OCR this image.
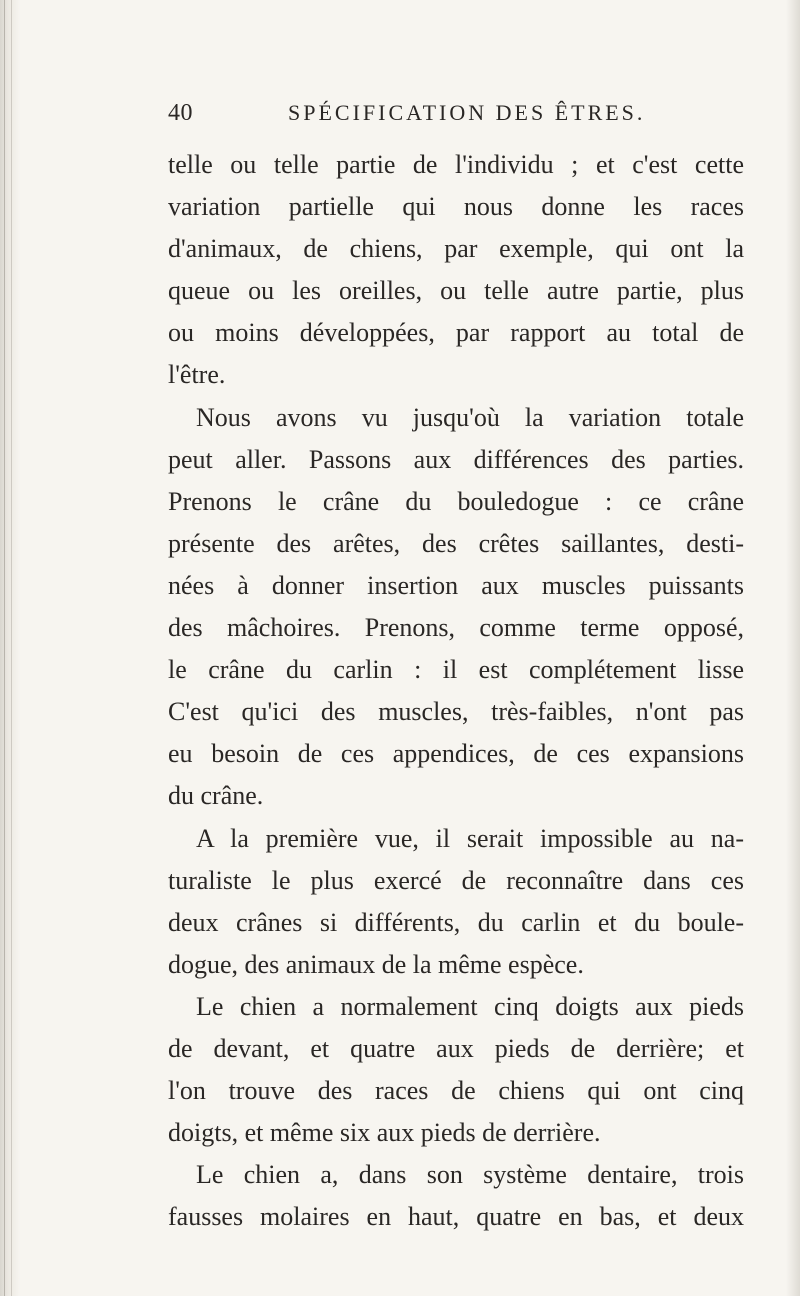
40	SPÉCIFICATION DES ÊTRES.
telle ou telle partie de l'individu ; et c'est cette
variation partielle qui nous donne les races
d'animaux, de chiens, par exemple, qui ont la
queue ou les oreilles, ou telle autre partie, plus
ou moins développées, par rapport au total de
l'être.
Nous avons vu jusqu'où la variation totale
peut aller. Passons aux différences des parties.
Prenons le crâne du bouledogue : ce crâne
présente des arêtes, des crêtes saillantes, desti-
nées à donner insertion aux muscles puissants
des mâchoires. Prenons, comme terme opposé,
le crâne du carlin : il est complétement lisse
C'est qu'ici des muscles, très-faibles, n'ont pas
eu besoin de ces appendices, de ces expansions
du crâne.
A la première vue, il serait impossible au na-
turaliste le plus exercé de reconnaître dans ces
deux crânes si différents, du carlin et du boule-
dogue, des animaux de la même espèce.
Le chien a normalement cinq doigts aux pieds
de devant, et quatre aux pieds de derrière; et
l'on trouve des races de chiens qui ont cinq
doigts, et même six aux pieds de derrière.
Le chien a, dans son système dentaire, trois
fausses molaires en haut, quatre en bas, et deux
